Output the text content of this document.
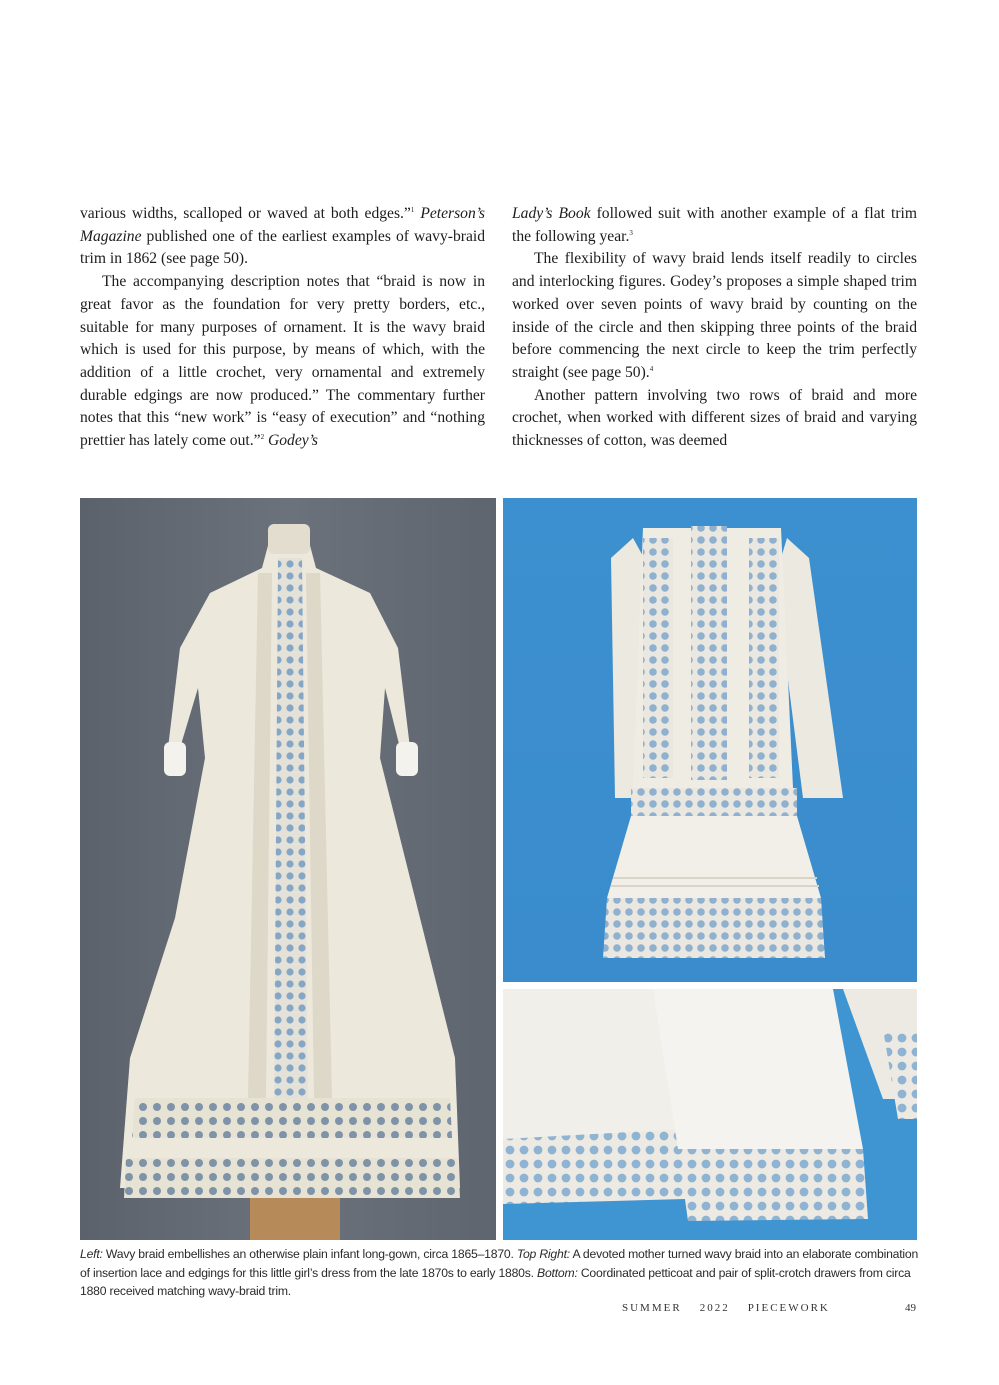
various widths, scalloped or waved at both edges.”$^1$ Peterson’s Magazine published one of the earliest examples of wavy-braid trim in 1862 (see page 50).

The accompanying description notes that “braid is now in great favor as the foundation for very pretty borders, etc., suitable for many purposes of ornament. It is the wavy braid which is used for this purpose, by means of which, with the addition of a little crochet, very ornamental and extremely durable edgings are now produced.” The commentary further notes that this “new work” is “easy of execution” and “nothing prettier has lately come out.”$^2$ Godey’s

Lady’s Book followed suit with another example of a flat trim the following year.$^3$

The flexibility of wavy braid lends itself readily to circles and interlocking figures. Godey’s proposes a simple shaped trim worked over seven points of wavy braid by counting on the inside of the circle and then skipping three points of the braid before commencing the next circle to keep the trim perfectly straight (see page 50).$^4$

Another pattern involving two rows of braid and more crochet, when worked with different sizes of braid and varying thicknesses of cotton, was deemed

Left: Wavy braid embellishes an otherwise plain infant long-gown, circa 1865–1870. Top Right: A devoted mother turned wavy braid into an elaborate combination of insertion lace and edgings for this little girl’s dress from the late 1870s to early 1880s. Bottom: Coordinated petticoat and pair of split-crotch drawers from circa 1880 received matching wavy-braid trim.
SUMMER 2022 PIECEWORK	49
